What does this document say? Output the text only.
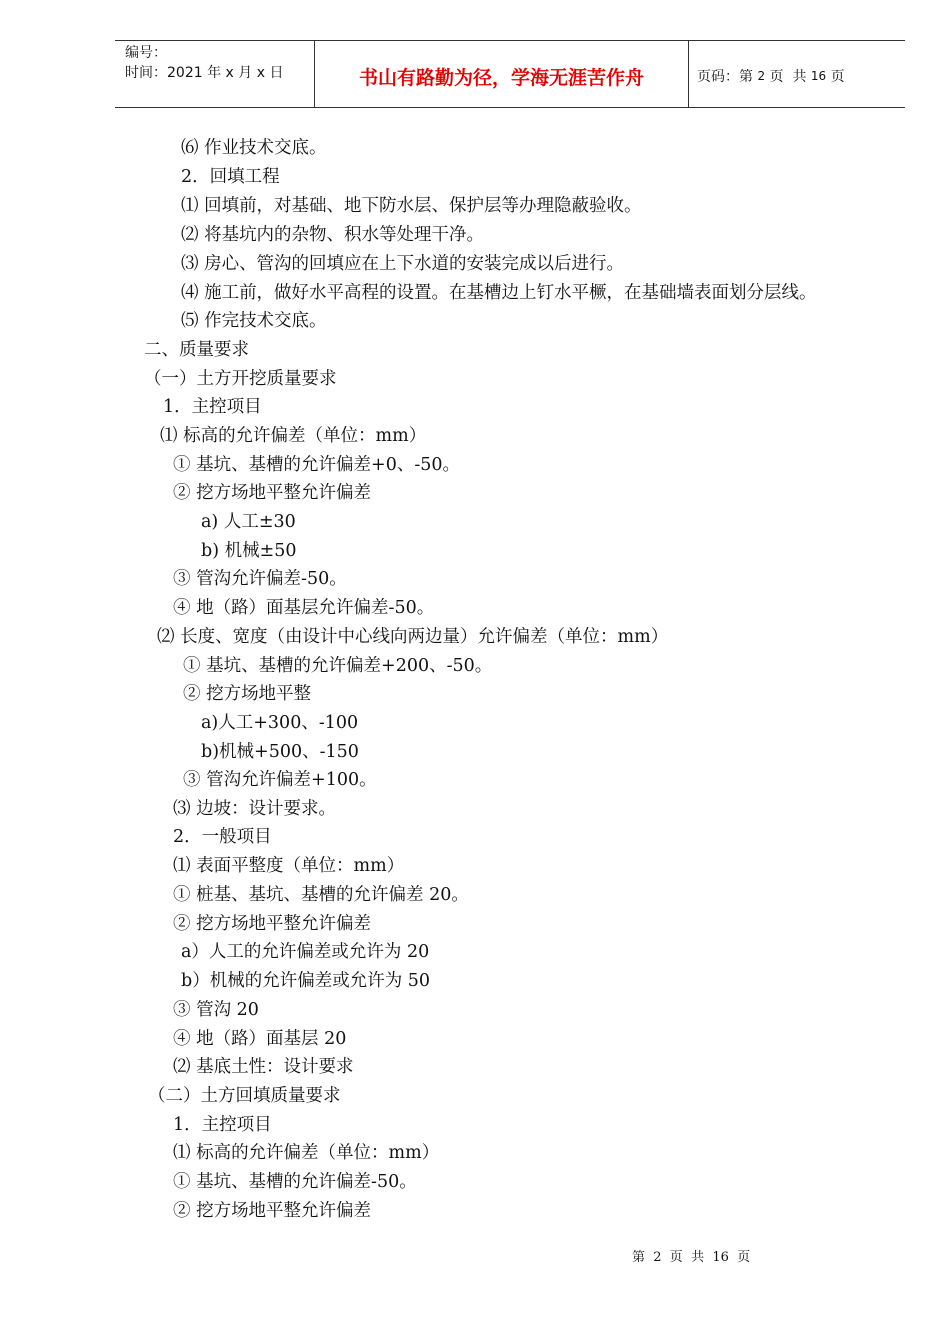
编号：
时间：2021 年 x 月 x 日	书山有路勤为径，学海无涯苦作舟	页码：第 2 页  共 16 页
⑹ 作业技术交底。
2．回填工程
⑴ 回填前，对基础、地下防水层、保护层等办理隐蔽验收。
⑵ 将基坑内的杂物、积水等处理干净。
⑶ 房心、管沟的回填应在上下水道的安装完成以后进行。
⑷ 施工前，做好水平高程的设置。在基槽边上钉水平橛，在基础墙表面划分层线。
⑸ 作完技术交底。
二、质量要求
（一）土方开挖质量要求
1．主控项目
⑴ 标高的允许偏差（单位：mm）
① 基坑、基槽的允许偏差+0、-50。
② 挖方场地平整允许偏差
a) 人工±30
b) 机械±50
③ 管沟允许偏差-50。
④ 地（路）面基层允许偏差-50。
⑵ 长度、宽度（由设计中心线向两边量）允许偏差（单位：mm）
① 基坑、基槽的允许偏差+200、-50。
② 挖方场地平整
a)人工+300、-100
b)机械+500、-150
③ 管沟允许偏差+100。
⑶ 边坡：设计要求。
2．一般项目
⑴ 表面平整度（单位：mm）
① 桩基、基坑、基槽的允许偏差 20。
② 挖方场地平整允许偏差
a）人工的允许偏差或允许为 20
b）机械的允许偏差或允许为 50
③ 管沟 20
④ 地（路）面基层 20
⑵ 基底土性：设计要求
（二）土方回填质量要求
1．主控项目
⑴ 标高的允许偏差（单位：mm）
① 基坑、基槽的允许偏差-50。
② 挖方场地平整允许偏差
第  2  页  共  16  页
